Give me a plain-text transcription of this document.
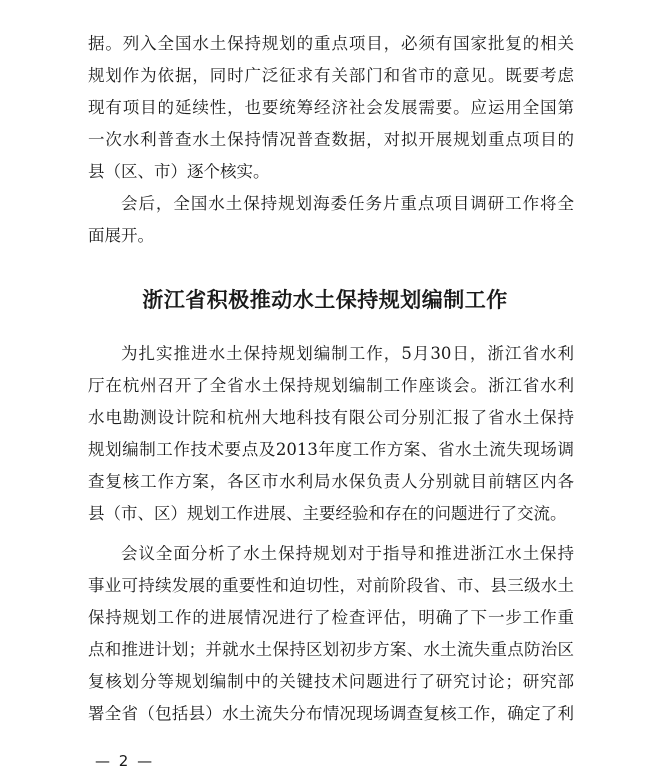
据。列入全国水土保持规划的重点项目，必须有国家批复的相关
规划作为依据，同时广泛征求有关部门和省市的意见。既要考虑
现有项目的延续性，也要统筹经济社会发展需要。应运用全国第
一次水利普查水土保持情况普查数据，对拟开展规划重点项目的
县（区、市）逐个核实。
会后，全国水土保持规划海委任务片重点项目调研工作将全
面展开。
浙江省积极推动水土保持规划编制工作
为扎实推进水土保持规划编制工作，5月30日，浙江省水利
厅在杭州召开了全省水土保持规划编制工作座谈会。浙江省水利
水电勘测设计院和杭州大地科技有限公司分别汇报了省水土保持
规划编制工作技术要点及2013年度工作方案、省水土流失现场调
查复核工作方案，各区市水利局水保负责人分别就目前辖区内各
县（市、区）规划工作进展、主要经验和存在的问题进行了交流。
会议全面分析了水土保持规划对于指导和推进浙江水土保持
事业可持续发展的重要性和迫切性，对前阶段省、市、县三级水土
保持规划工作的进展情况进行了检查评估，明确了下一步工作重
点和推进计划；并就水土保持区划初步方案、水土流失重点防治区
复核划分等规划编制中的关键技术问题进行了研究讨论；研究部
署全省（包括县）水土流失分布情况现场调查复核工作，确定了利
— 2 —
